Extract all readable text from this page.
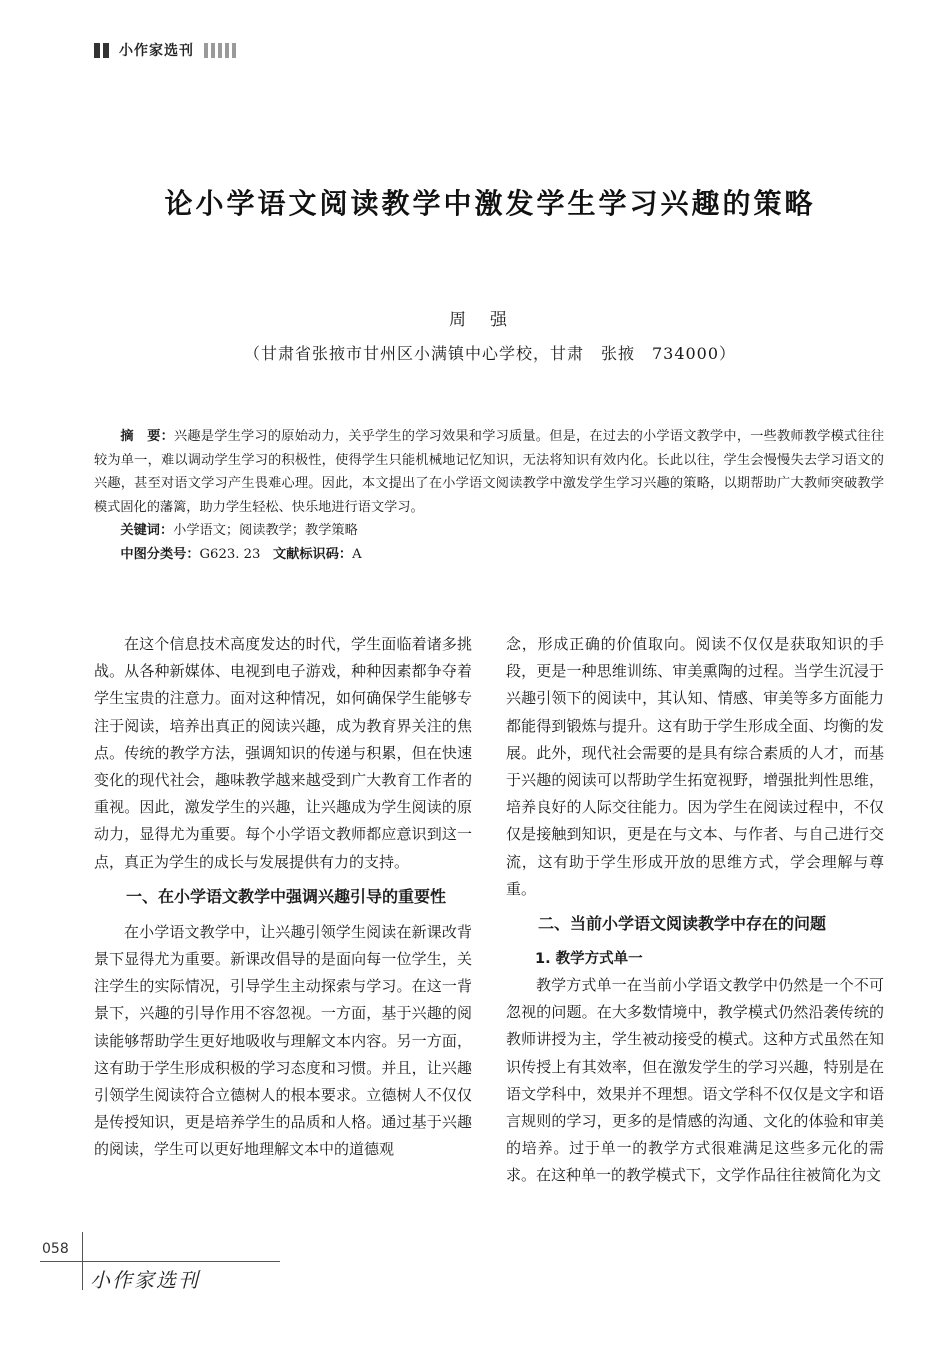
小作家选刊
论小学语文阅读教学中激发学生学习兴趣的策略
周强
（甘肃省张掖市甘州区小满镇中心学校，甘肃　张掖　734000）

摘　要：兴趣是学生学习的原始动力，关乎学生的学习效果和学习质量。但是，在过去的小学语文教学中，一些教师教学模式往往较为单一，难以调动学生学习的积极性，使得学生只能机械地记忆知识，无法将知识有效内化。长此以往，学生会慢慢失去学习语文的兴趣，甚至对语文学习产生畏难心理。因此，本文提出了在小学语文阅读教学中激发学生学习兴趣的策略，以期帮助广大教师突破教学模式固化的藩篱，助力学生轻松、快乐地进行语文学习。

关键词：小学语文；阅读教学；教学策略

中图分类号：G623. 23 文献标识码：A

在这个信息技术高度发达的时代，学生面临着诸多挑战。从各种新媒体、电视到电子游戏，种种因素都争夺着学生宝贵的注意力。面对这种情况，如何确保学生能够专注于阅读，培养出真正的阅读兴趣，成为教育界关注的焦点。传统的教学方法，强调知识的传递与积累，但在快速变化的现代社会，趣味教学越来越受到广大教育工作者的重视。因此，激发学生的兴趣，让兴趣成为学生阅读的原动力，显得尤为重要。每个小学语文教师都应意识到这一点，真正为学生的成长与发展提供有力的支持。

一、在小学语文教学中强调兴趣引导的重要性

在小学语文教学中，让兴趣引领学生阅读在新课改背景下显得尤为重要。新课改倡导的是面向每一位学生，关注学生的实际情况，引导学生主动探索与学习。在这一背景下，兴趣的引导作用不容忽视。一方面，基于兴趣的阅读能够帮助学生更好地吸收与理解文本内容。另一方面，这有助于学生形成积极的学习态度和习惯。并且，让兴趣引领学生阅读符合立德树人的根本要求。立德树人不仅仅是传授知识，更是培养学生的品质和人格。通过基于兴趣的阅读，学生可以更好地理解文本中的道德观

念，形成正确的价值取向。阅读不仅仅是获取知识的手段，更是一种思维训练、审美熏陶的过程。当学生沉浸于兴趣引领下的阅读中，其认知、情感、审美等多方面能力都能得到锻炼与提升。这有助于学生形成全面、均衡的发展。此外，现代社会需要的是具有综合素质的人才，而基于兴趣的阅读可以帮助学生拓宽视野，增强批判性思维，培养良好的人际交往能力。因为学生在阅读过程中，不仅仅是接触到知识，更是在与文本、与作者、与自己进行交流，这有助于学生形成开放的思维方式，学会理解与尊重。

二、当前小学语文阅读教学中存在的问题
1. 教学方式单一

教学方式单一在当前小学语文教学中仍然是一个不可忽视的问题。在大多数情境中，教学模式仍然沿袭传统的教师讲授为主，学生被动接受的模式。这种方式虽然在知识传授上有其效率，但在激发学生的学习兴趣，特别是在语文学科中，效果并不理想。语文学科不仅仅是文字和语言规则的学习，更多的是情感的沟通、文化的体验和审美的培养。过于单一的教学方式很难满足这些多元化的需求。在这种单一的教学模式下，文学作品往往被简化为文

058
小作家选刊
